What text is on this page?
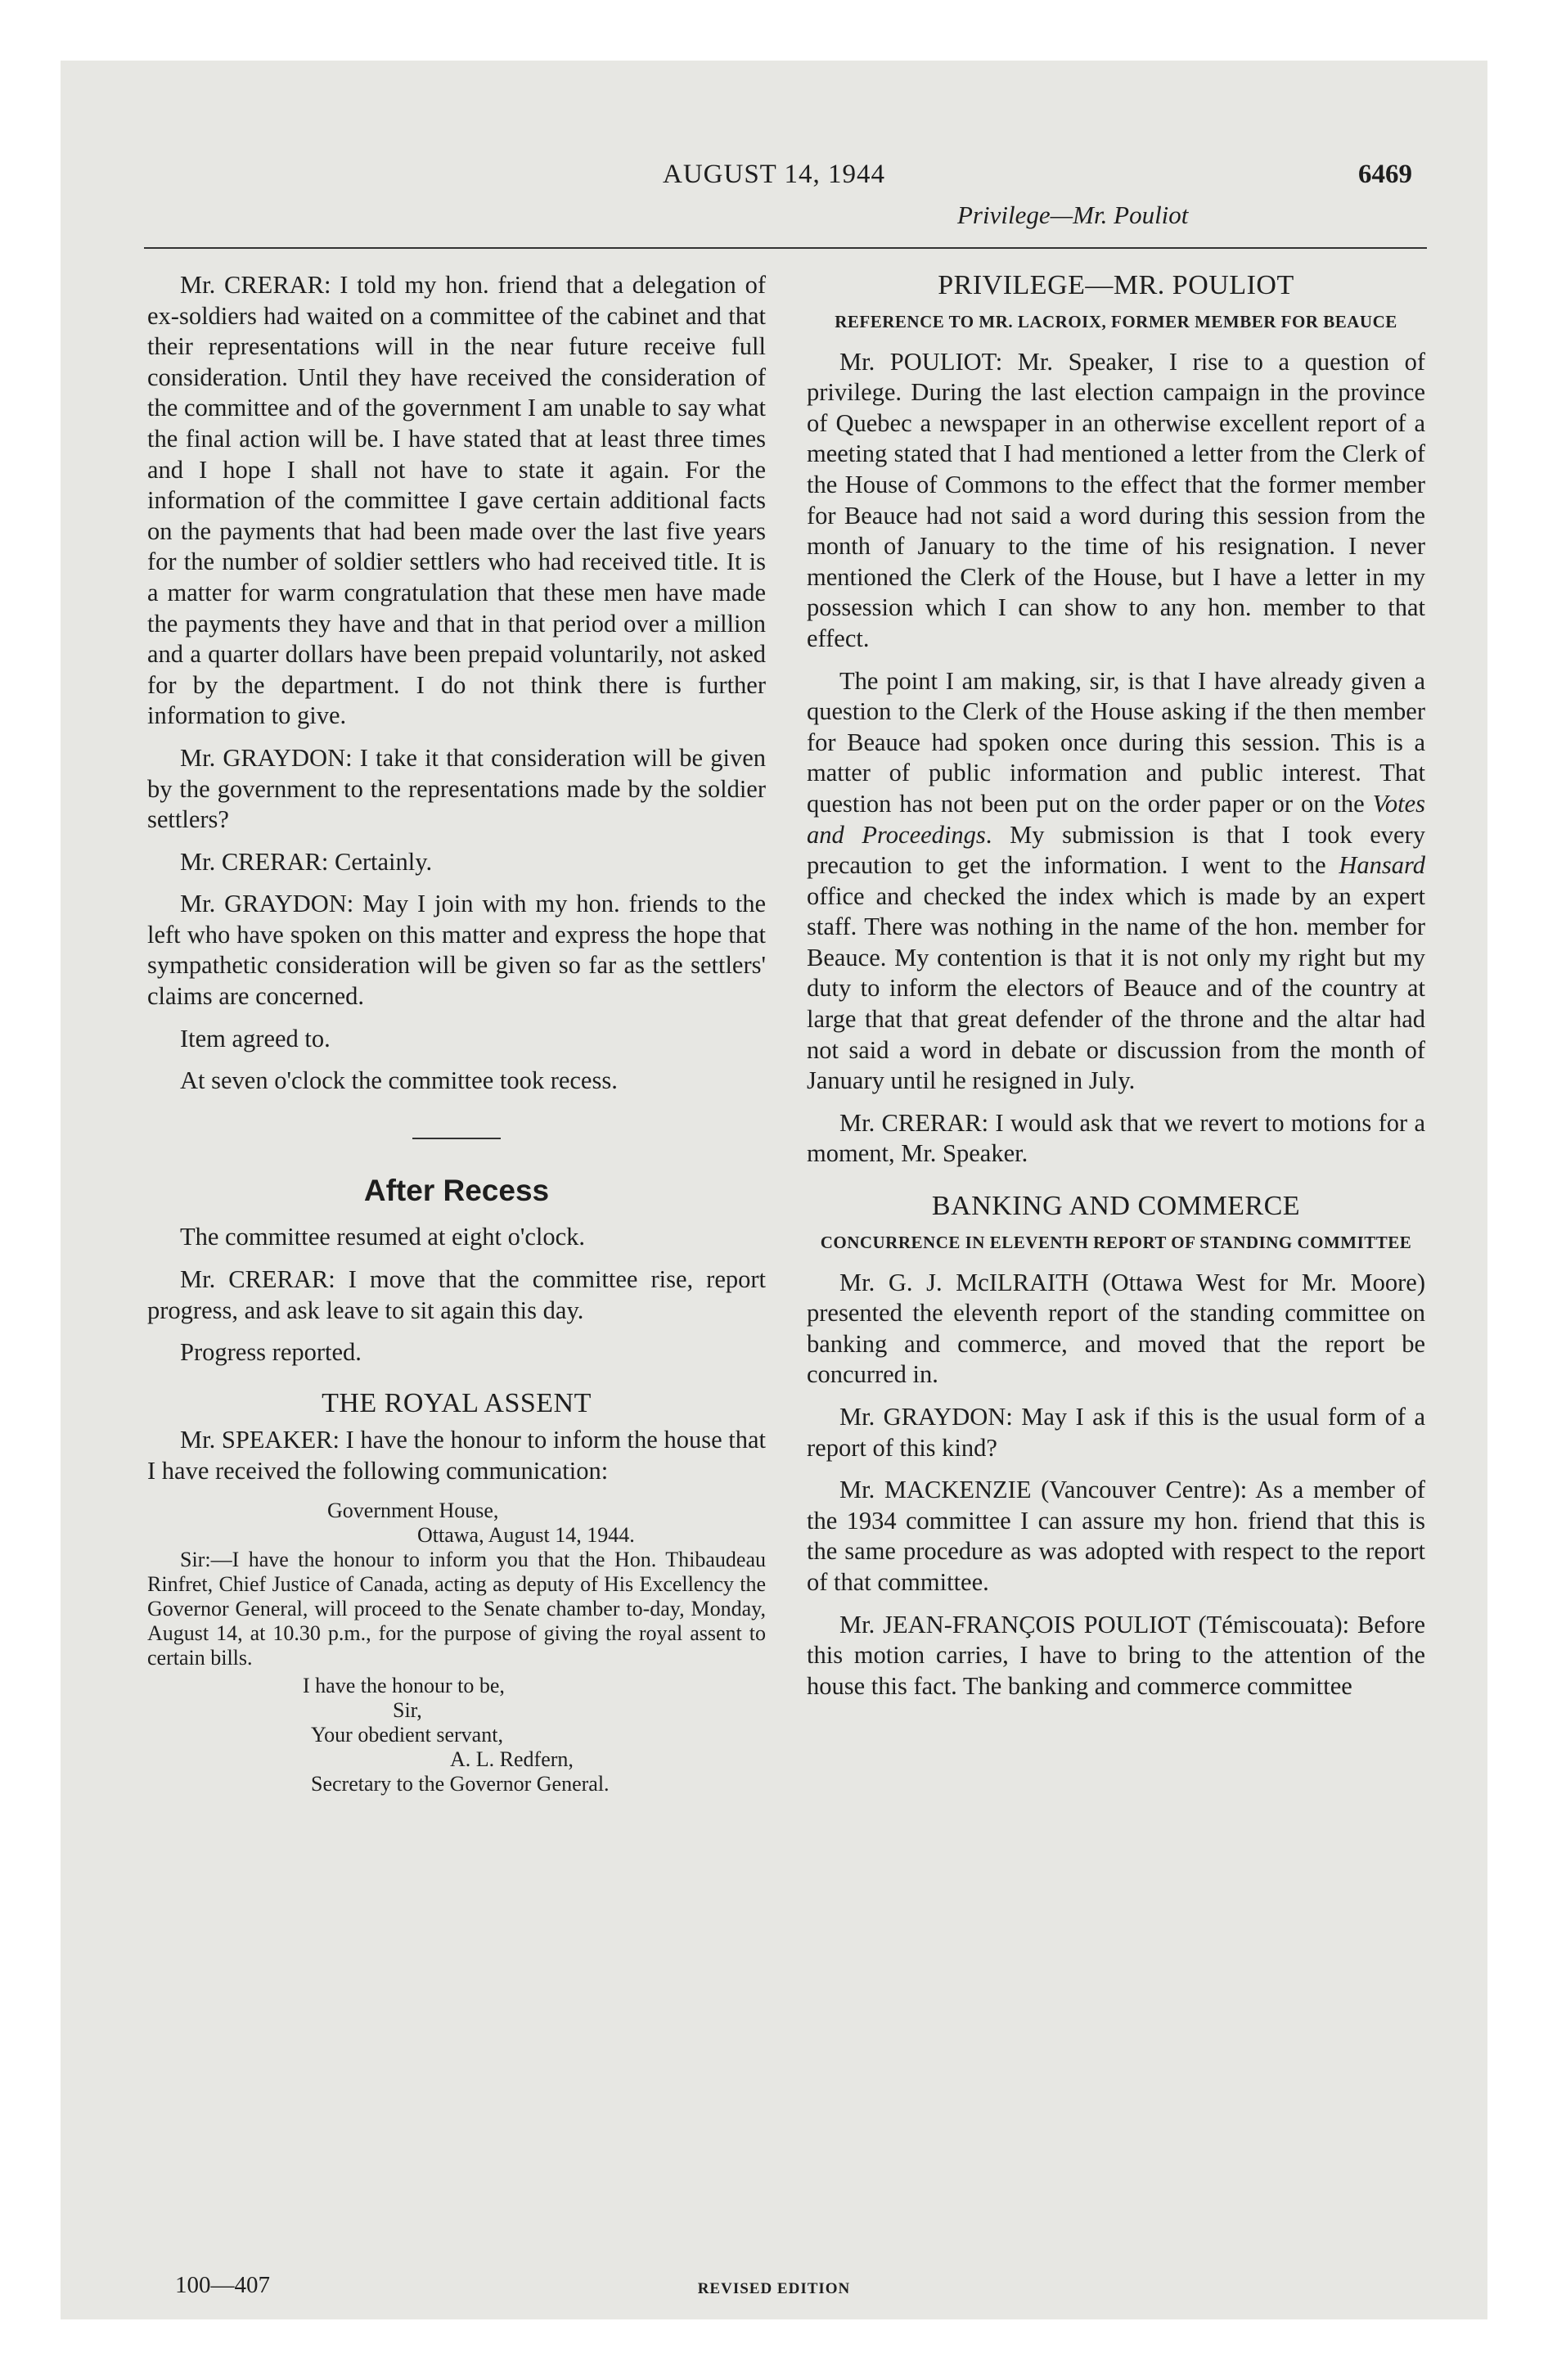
AUGUST 14, 1944	6469
Privilege—Mr. Pouliot

Mr. CRERAR: I told my hon. friend that a delegation of ex-soldiers had waited on a committee of the cabinet and that their representations will in the near future receive full consideration. Until they have received the consideration of the committee and of the government I am unable to say what the final action will be. I have stated that at least three times and I hope I shall not have to state it again. For the information of the committee I gave certain additional facts on the payments that had been made over the last five years for the number of soldier settlers who had received title. It is a matter for warm congratulation that these men have made the payments they have and that in that period over a million and a quarter dollars have been prepaid voluntarily, not asked for by the department. I do not think there is further information to give.

Mr. GRAYDON: I take it that consideration will be given by the government to the representations made by the soldier settlers?

Mr. CRERAR: Certainly.

Mr. GRAYDON: May I join with my hon. friends to the left who have spoken on this matter and express the hope that sympathetic consideration will be given so far as the settlers' claims are concerned.

Item agreed to.

At seven o'clock the committee took recess.

After Recess

The committee resumed at eight o'clock.

Mr. CRERAR: I move that the committee rise, report progress, and ask leave to sit again this day.

Progress reported.

THE ROYAL ASSENT

Mr. SPEAKER: I have the honour to inform the house that I have received the following communication:

Government House,

Ottawa, August 14, 1944.

Sir:—I have the honour to inform you that the Hon. Thibaudeau Rinfret, Chief Justice of Canada, acting as deputy of His Excellency the Governor General, will proceed to the Senate chamber to-day, Monday, August 14, at 10.30 p.m., for the purpose of giving the royal assent to certain bills.

I have the honour to be,

Sir,

Your obedient servant,

A. L. Redfern,

Secretary to the Governor General.

PRIVILEGE—MR. POULIOT
REFERENCE TO MR. LACROIX, FORMER MEMBER FOR BEAUCE

Mr. POULIOT: Mr. Speaker, I rise to a question of privilege. During the last election campaign in the province of Quebec a newspaper in an otherwise excellent report of a meeting stated that I had mentioned a letter from the Clerk of the House of Commons to the effect that the former member for Beauce had not said a word during this session from the month of January to the time of his resignation. I never mentioned the Clerk of the House, but I have a letter in my possession which I can show to any hon. member to that effect.

The point I am making, sir, is that I have already given a question to the Clerk of the House asking if the then member for Beauce had spoken once during this session. This is a matter of public information and public interest. That question has not been put on the order paper or on the Votes and Proceedings. My submission is that I took every precaution to get the information. I went to the Hansard office and checked the index which is made by an expert staff. There was nothing in the name of the hon. member for Beauce. My contention is that it is not only my right but my duty to inform the electors of Beauce and of the country at large that that great defender of the throne and the altar had not said a word in debate or discussion from the month of January until he resigned in July.

Mr. CRERAR: I would ask that we revert to motions for a moment, Mr. Speaker.

BANKING AND COMMERCE
CONCURRENCE IN ELEVENTH REPORT OF STANDING COMMITTEE

Mr. G. J. McILRAITH (Ottawa West for Mr. Moore) presented the eleventh report of the standing committee on banking and commerce, and moved that the report be concurred in.

Mr. GRAYDON: May I ask if this is the usual form of a report of this kind?

Mr. MACKENZIE (Vancouver Centre): As a member of the 1934 committee I can assure my hon. friend that this is the same procedure as was adopted with respect to the report of that committee.

Mr. JEAN-FRANÇOIS POULIOT (Témiscouata): Before this motion carries, I have to bring to the attention of the house this fact. The banking and commerce committee

100—407	REVISED EDITION
